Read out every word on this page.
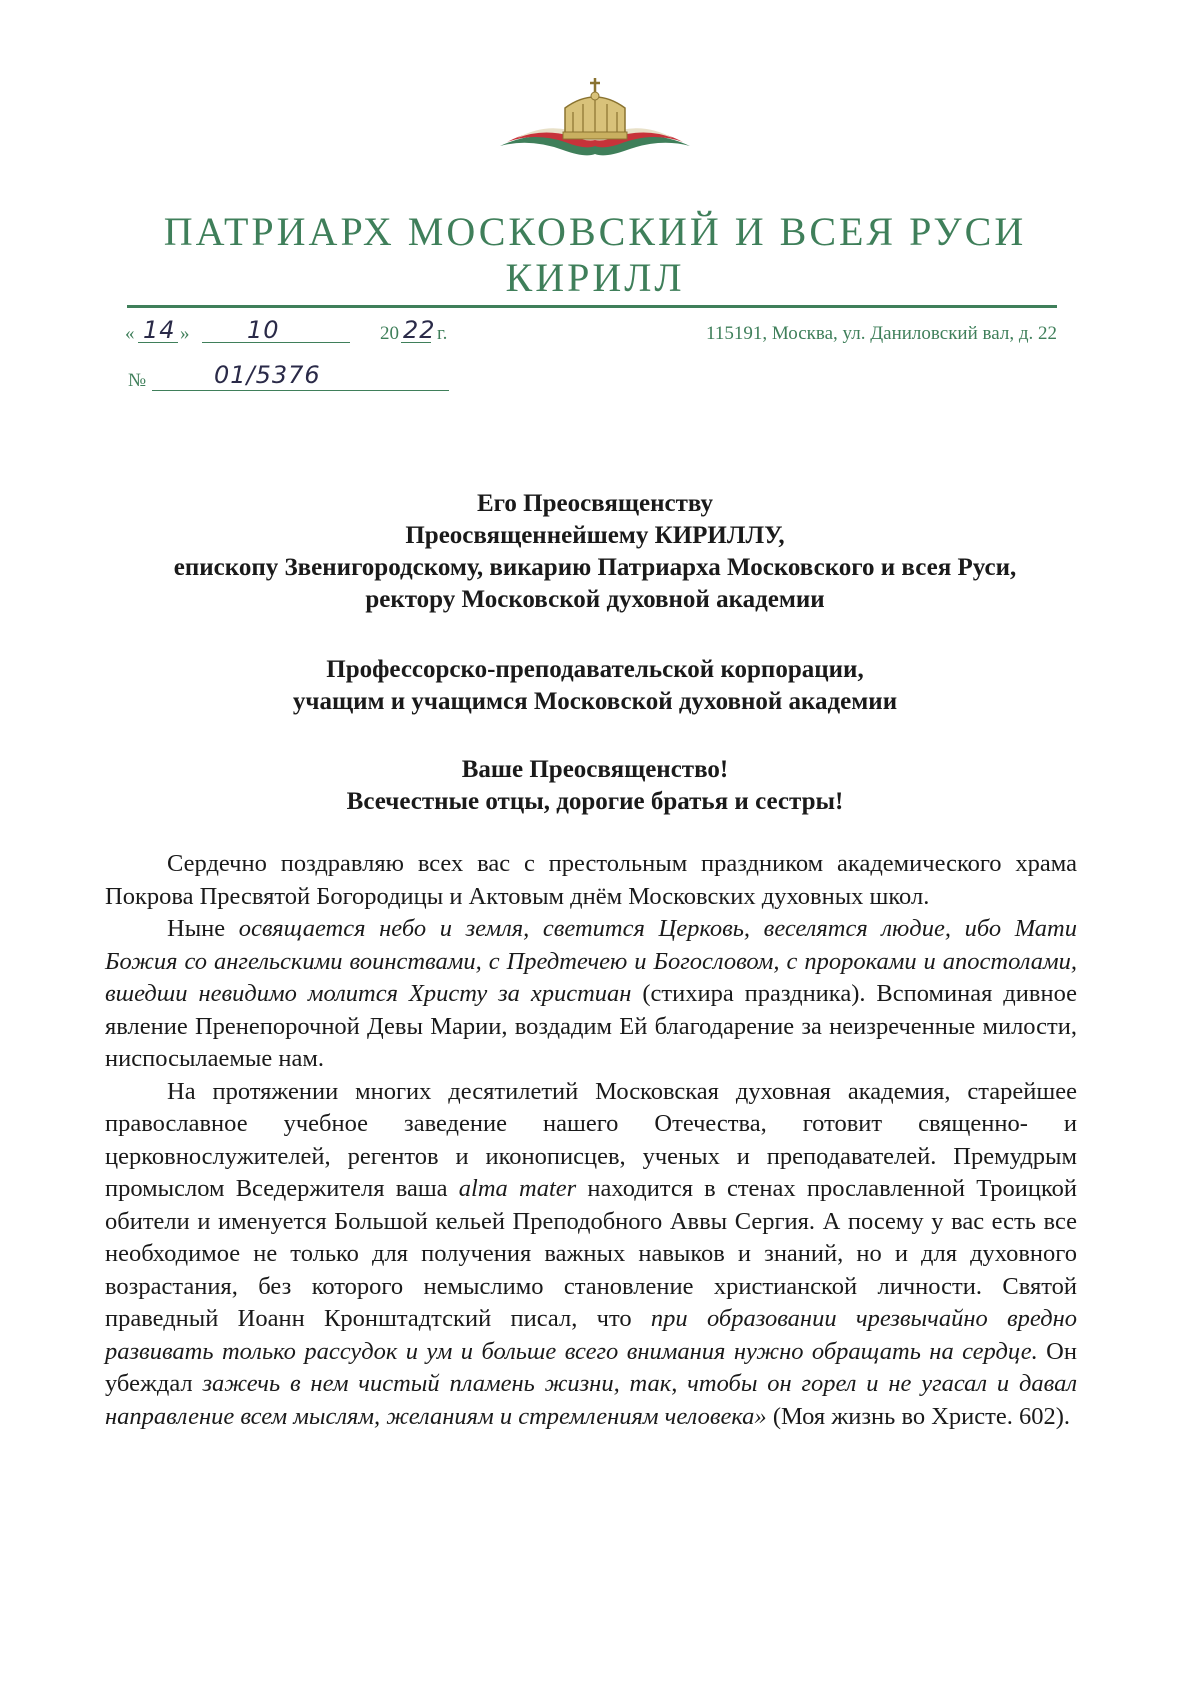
ПАТРИАРХ МОСКОВСКИЙ И ВСЕЯ РУСИ
КИРИЛЛ
« 14 » 10	20 22 г.	115191, Москва, ул. Даниловский вал, д. 22
№	01/5376
Его Преосвященству
Преосвященнейшему КИРИЛЛУ,
епископу Звенигородскому, викарию Патриарха Московского и всея Руси,
ректору Московской духовной академии
Профессорско-преподавательской корпорации,
учащим и учащимся Московской духовной академии
Ваше Преосвященство!
Всечестные отцы, дорогие братья и сестры!

Сердечно поздравляю всех вас с престольным праздником академического храма Покрова Пресвятой Богородицы и Актовым днём Московских духовных школ.

Ныне освящается небо и земля, светится Церковь, веселятся людие, ибо Мати Божия со ангельскими воинствами, с Предтечею и Богословом, с пророками и апостолами, вшедши невидимо молится Христу за христиан (стихира праздника). Вспоминая дивное явление Пренепорочной Девы Марии, воздадим Ей благодарение за неизреченные милости, ниспосылаемые нам.

На протяжении многих десятилетий Московская духовная академия, старейшее православное учебное заведение нашего Отечества, готовит священно- и церковнослужителей, регентов и иконописцев, ученых и преподавателей. Премудрым промыслом Вседержителя ваша alma mater находится в стенах прославленной Троицкой обители и именуется Большой кельей Преподобного Аввы Сергия. А посему у вас есть все необходимое не только для получения важных навыков и знаний, но и для духовного возрастания, без которого немыслимо становление христианской личности. Святой праведный Иоанн Кронштадтский писал, что при образовании чрезвычайно вредно развивать только рассудок и ум и больше всего внимания нужно обращать на сердце. Он убеждал зажечь в нем чистый пламень жизни, так, чтобы он горел и не угасал и давал направление всем мыслям, желаниям и стремлениям человека» (Моя жизнь во Христе. 602).
